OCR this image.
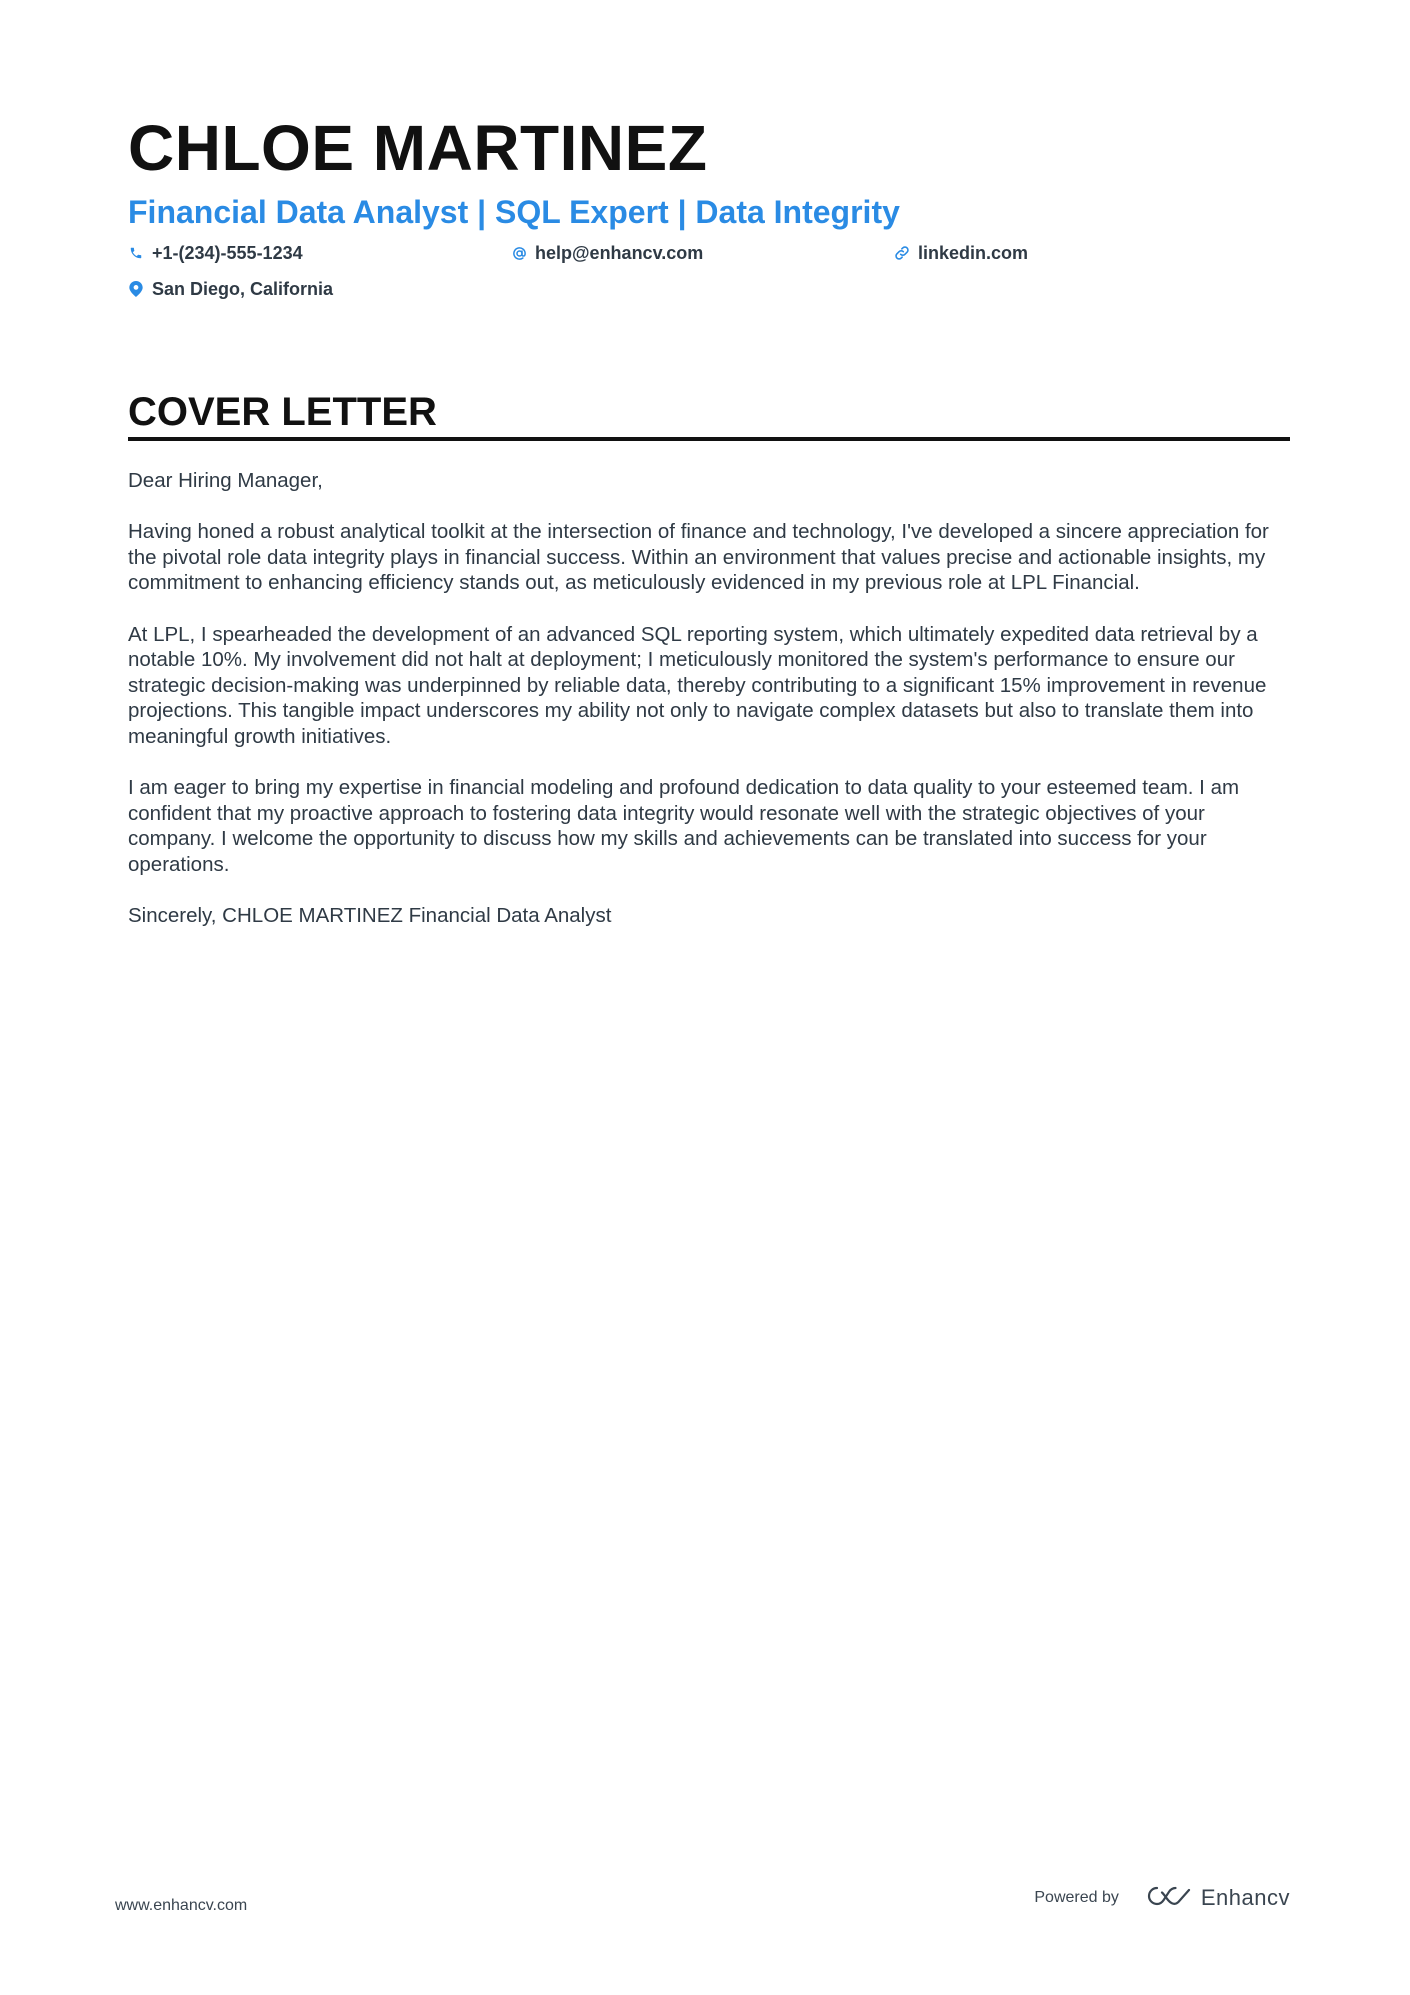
CHLOE MARTINEZ
Financial Data Analyst | SQL Expert | Data Integrity
+1-(234)-555-1234	help@enhancv.com	linkedin.com
San Diego, California
COVER LETTER

Dear Hiring Manager,

Having honed a robust analytical toolkit at the intersection of finance and technology, I've developed a sincere appreciation for the pivotal role data integrity plays in financial success. Within an environment that values precise and actionable insights, my commitment to enhancing efficiency stands out, as meticulously evidenced in my previous role at LPL Financial.

At LPL, I spearheaded the development of an advanced SQL reporting system, which ultimately expedited data retrieval by a notable 10%. My involvement did not halt at deployment; I meticulously monitored the system's performance to ensure our strategic decision-making was underpinned by reliable data, thereby contributing to a significant 15% improvement in revenue projections. This tangible impact underscores my ability not only to navigate complex datasets but also to translate them into meaningful growth initiatives.

I am eager to bring my expertise in financial modeling and profound dedication to data quality to your esteemed team. I am confident that my proactive approach to fostering data integrity would resonate well with the strategic objectives of your company. I welcome the opportunity to discuss how my skills and achievements can be translated into success for your operations.

Sincerely, CHLOE MARTINEZ Financial Data Analyst

www.enhancv.com	Powered by	Enhancv
